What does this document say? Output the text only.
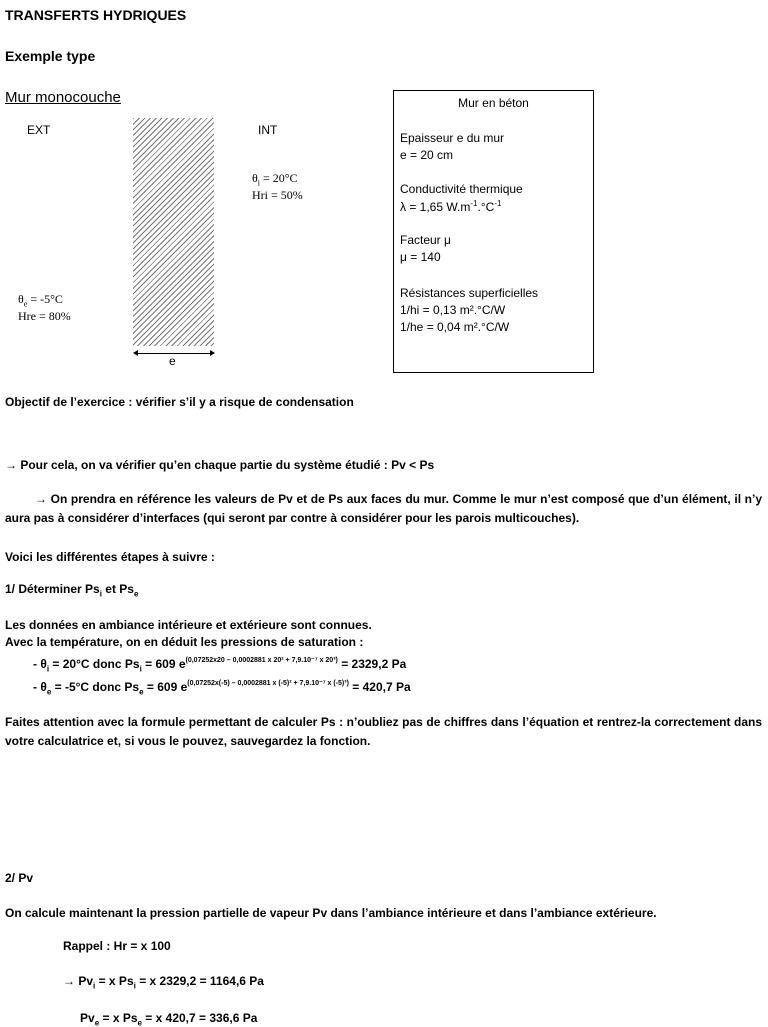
TRANSFERTS HYDRIQUES
Exemple type
Mur monocouche
EXT	INT
$\theta_i = 20^\circ C$
Hri = 50%
$\theta_e = -5^\circ C$
Hre = 80%
e
Mur en béton
Epaisseur e du mur
e = 20 cm
Conductivité thermique
λ = 1,65 $W.m^{-1}.^\circ C^{-1}$
Facteur μ
μ = 140
Résistances superficielles
1/hi = 0,13 m².°C/W
1/he = 0,04 m².°C/W
Objectif de l’exercice : vérifier s’il y a risque de condensation
→ Pour cela, on va vérifier qu’en chaque partie du système étudié : Pv < Ps
→ On prendra en référence les valeurs de Pv et de Ps aux faces du mur. Comme le mur n’est composé que d’un élément, il n’y aura pas à considérer d’interfaces (qui seront par contre à considérer pour les parois multicouches).
Voici les différentes étapes à suivre :
1/ Déterminer $Ps_i$ et $Ps_e$
Les données en ambiance intérieure et extérieure sont connues.
Avec la température, on en déduit les pressions de saturation :
- $\theta_i = 20^\circ C$ donc $Ps_i = 609$ $e^{(0,07252x20 - 0,0002881 x 20^2 + 7,9.10^{-7} x 20^3)} = 2329,2$ Pa
- $\theta_e = -5^\circ C$ donc $Ps_e = 609$ $e^{(0,07252x(-5) - 0,0002881 x (-5)^2 + 7,9.10^{-7} x (-5)^3)} = 420,7$ Pa
Faites attention avec la formule permettant de calculer Ps : n’oubliez pas de chiffres dans l’équation et rentrez-la correctement dans votre calculatrice et, si vous le pouvez, sauvegardez la fonction.
2/ Pv
On calcule maintenant la pression partielle de vapeur Pv dans l’ambiance intérieure et dans l’ambiance extérieure.
Rappel : Hr = x 100
→ $Pv_i = x$ $Ps_i = x$ 2329,2 = 1164,6 Pa
$Pv_e = x$ $Ps_e = x$ 420,7 = 336,6 Pa
